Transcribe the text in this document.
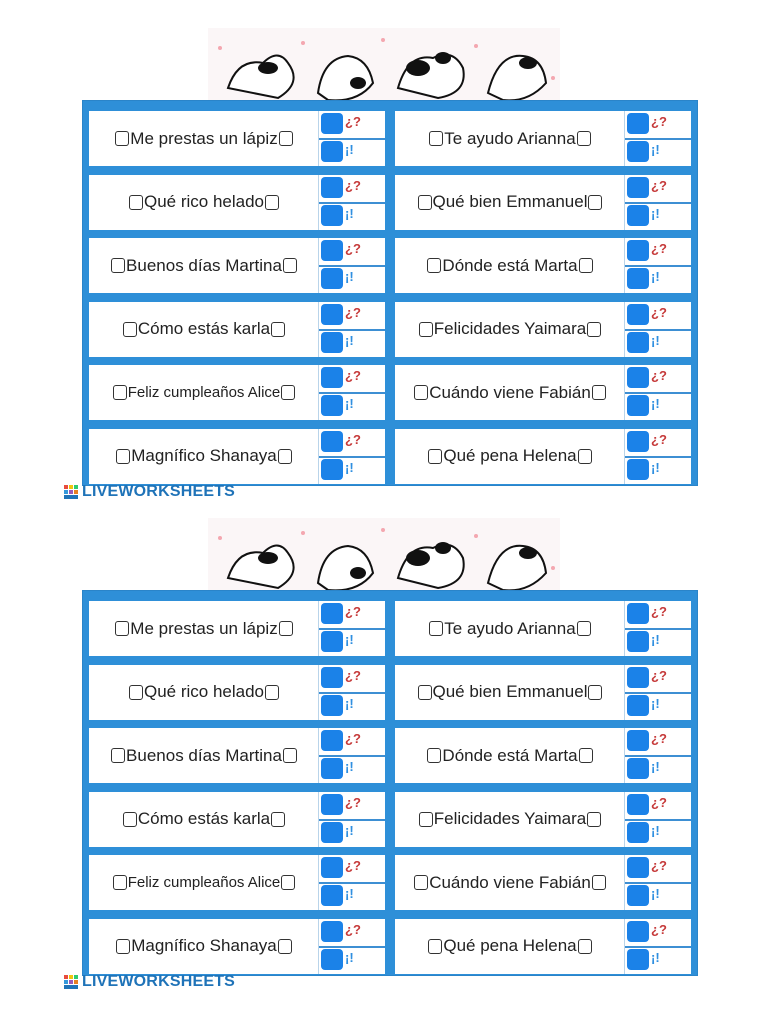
Me prestas un lápiz
¿?
¡!
Te ayudo Arianna
¿?
¡!
Qué rico helado
¿?
¡!
Qué bien Emmanuel
¿?
¡!
Buenos días Martina
¿?
¡!
Dónde está Marta
¿?
¡!
Cómo estás karla
¿?
¡!
Felicidades Yaimara
¿?
¡!
Feliz cumpleaños Alice
¿?
¡!
Cuándo viene Fabián
¿?
¡!
Magnífico Shanaya
¿?
¡!
Qué pena Helena
¿?
¡!
LIVEWORKSHEETS
Me prestas un lápiz
¿?
¡!
Te ayudo Arianna
¿?
¡!
Qué rico helado
¿?
¡!
Qué bien Emmanuel
¿?
¡!
Buenos días Martina
¿?
¡!
Dónde está Marta
¿?
¡!
Cómo estás karla
¿?
¡!
Felicidades Yaimara
¿?
¡!
Feliz cumpleaños Alice
¿?
¡!
Cuándo viene Fabián
¿?
¡!
Magnífico Shanaya
¿?
¡!
Qué pena Helena
¿?
¡!
LIVEWORKSHEETS
